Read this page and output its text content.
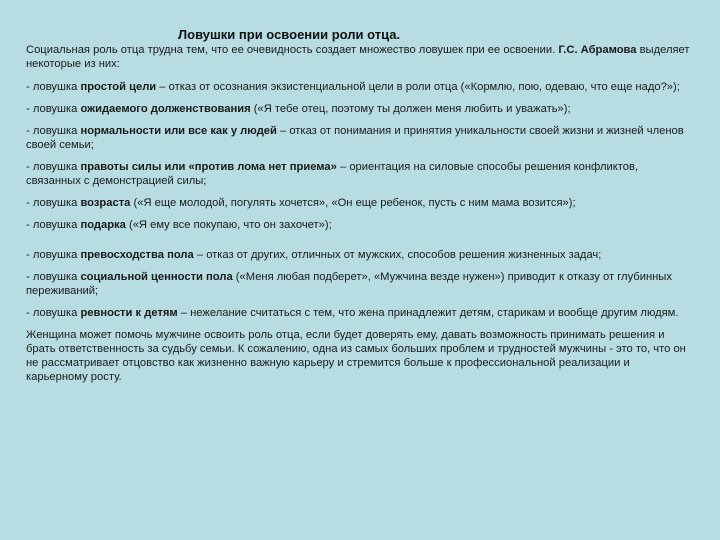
Ловушки при освоении роли отца.

Социальная роль отца трудна тем, что ее очевидность создает множество ловушек при ее освоении. Г.С. Абрамова выделяет некоторые из них:

- ловушка простой цели – отказ от осознания экзистенциальной цели в роли отца («Кормлю, пою, одеваю, что еще надо?»);

- ловушка ожидаемого долженствования («Я тебе отец, поэтому ты должен меня любить и уважать»);

- ловушка нормальности или все как у людей – отказ от понимания и принятия уникальности своей жизни и жизней членов своей семьи;

- ловушка правоты силы или «против лома нет приема» – ориентация на силовые способы решения конфликтов, связанных с демонстрацией силы;

- ловушка возраста («Я еще молодой, погулять хочется», «Он еще ребенок, пусть с ним мама возится»);

- ловушка подарка («Я ему все покупаю, что он захочет»);

- ловушка превосходства пола – отказ от других, отличных от мужских, способов решения жизненных задач;

- ловушка социальной ценности пола («Меня любая подберет», «Мужчина везде нужен») приводит к отказу от глубинных переживаний;

- ловушка ревности к детям – нежелание считаться с тем, что жена принадлежит детям, старикам и вообще другим людям.

Женщина может помочь мужчине освоить роль отца, если будет доверять ему, давать возможность принимать решения и брать ответственность за судьбу семьи. К сожалению, одна из самых больших проблем и трудностей мужчины - это то, что он не рассматривает отцовство как жизненно важную карьеру и стремится больше к профессиональной реализации и карьерному росту.
